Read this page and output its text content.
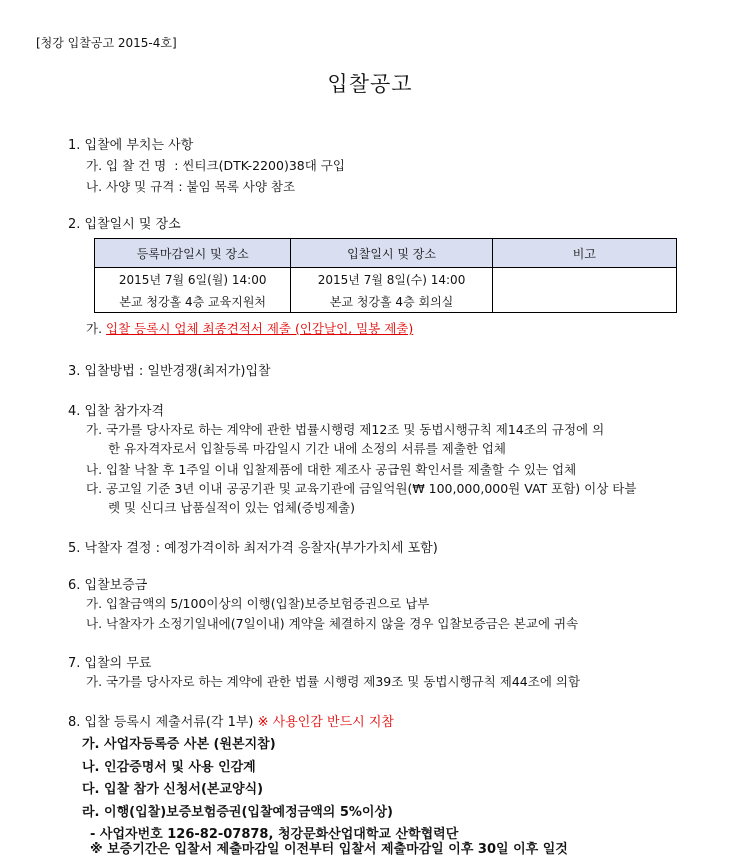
[청강 입찰공고 2015-4호]
입찰공고
1. 입찰에 부치는 사항
가. 입 찰 건 명  : 씬티크(DTK-2200)38대 구입
나. 사양 및 규격 : 붙임 목록 사양 참조
2. 입찰일시 및 장소
등록마감일시 및 장소	입찰일시 및 장소	비고
2015년 7월 6일(월) 14:00	2015년 7월 8일(수) 14:00	
본교 청강홀 4층 교육지원처	본교 청강홀 4층 회의실	
가. 입찰 등록시 업체 최종견적서 제출 (인감날인, 밀봉 제출)
3. 입찰방법 : 일반경쟁(최저가)입찰
4. 입찰 참가자격
가. 국가를 당사자로 하는 계약에 관한 법률시행령 제12조 및 동법시행규칙 제14조의 규정에 의
한 유자격자로서 입찰등록 마감일시 기간 내에 소정의 서류를 제출한 업체
나. 입찰 낙찰 후 1주일 이내 입찰제품에 대한 제조사 공급원 확인서를 제출할 수 있는 업체
다. 공고일 기준 3년 이내 공공기관 및 교육기관에 금일억원(₩ 100,000,000원 VAT 포함) 이상 타블
렛 및 신디크 납품실적이 있는 업체(증빙제출)
5. 낙찰자 결정 : 예정가격이하 최저가격 응찰자(부가가치세 포함)
6. 입찰보증금
가. 입찰금액의 5/100이상의 이행(입찰)보증보험증권으로 납부
나. 낙찰자가 소정기일내에(7일이내) 계약을 체결하지 않을 경우 입찰보증금은 본교에 귀속
7. 입찰의 무료
가. 국가를 당사자로 하는 계약에 관한 법률 시행령 제39조 및 동법시행규칙 제44조에 의함
8. 입찰 등록시 제출서류(각 1부) ※ 사용인감 반드시 지참
가. 사업자등록증 사본 (원본지참)
나. 인감증명서 및 사용 인감계
다. 입찰 참가 신청서(본교양식)
라. 이행(입찰)보증보험증권(입찰예정금액의 5%이상)
- 사업자번호 126-82-07878, 청강문화산업대학교 산학협력단
※ 보증기간은 입찰서 제출마감일 이전부터 입찰서 제출마감일 이후 30일 이후 일것
